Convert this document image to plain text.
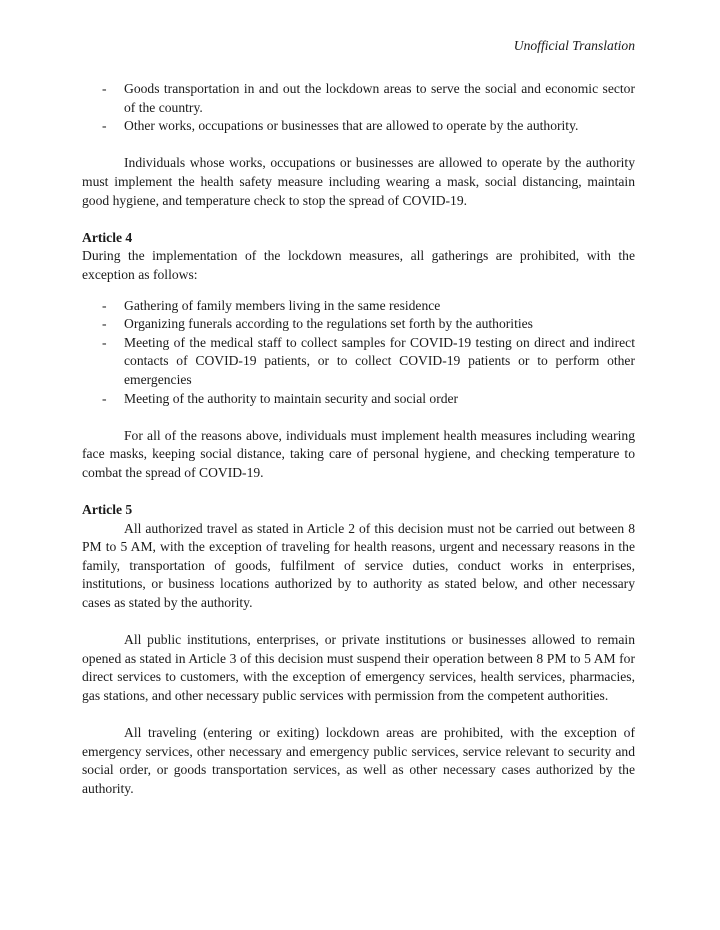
Unofficial Translation
- Goods transportation in and out the lockdown areas to serve the social and economic sector of the country.
- Other works, occupations or businesses that are allowed to operate by the authority.

Individuals whose works, occupations or businesses are allowed to operate by the authority must implement the health safety measure including wearing a mask, social distancing, maintain good hygiene, and temperature check to stop the spread of COVID-19.

Article 4

During the implementation of the lockdown measures, all gatherings are prohibited, with the exception as follows:

- Gathering of family members living in the same residence
- Organizing funerals according to the regulations set forth by the authorities
- Meeting of the medical staff to collect samples for COVID-19 testing on direct and indirect contacts of COVID-19 patients, or to collect COVID-19 patients or to perform other emergencies
- Meeting of the authority to maintain security and social order

For all of the reasons above, individuals must implement health measures including wearing face masks, keeping social distance, taking care of personal hygiene, and checking temperature to combat the spread of COVID-19.

Article 5

All authorized travel as stated in Article 2 of this decision must not be carried out between 8 PM to 5 AM, with the exception of traveling for health reasons, urgent and necessary reasons in the family, transportation of goods, fulfilment of service duties, conduct works in enterprises, institutions, or business locations authorized by to authority as stated below, and other necessary cases as stated by the authority.

All public institutions, enterprises, or private institutions or businesses allowed to remain opened as stated in Article 3 of this decision must suspend their operation between 8 PM to 5 AM for direct services to customers, with the exception of emergency services, health services, pharmacies, gas stations, and other necessary public services with permission from the competent authorities.

All traveling (entering or exiting) lockdown areas are prohibited, with the exception of emergency services, other necessary and emergency public services, service relevant to security and social order, or goods transportation services, as well as other necessary cases authorized by the authority.
